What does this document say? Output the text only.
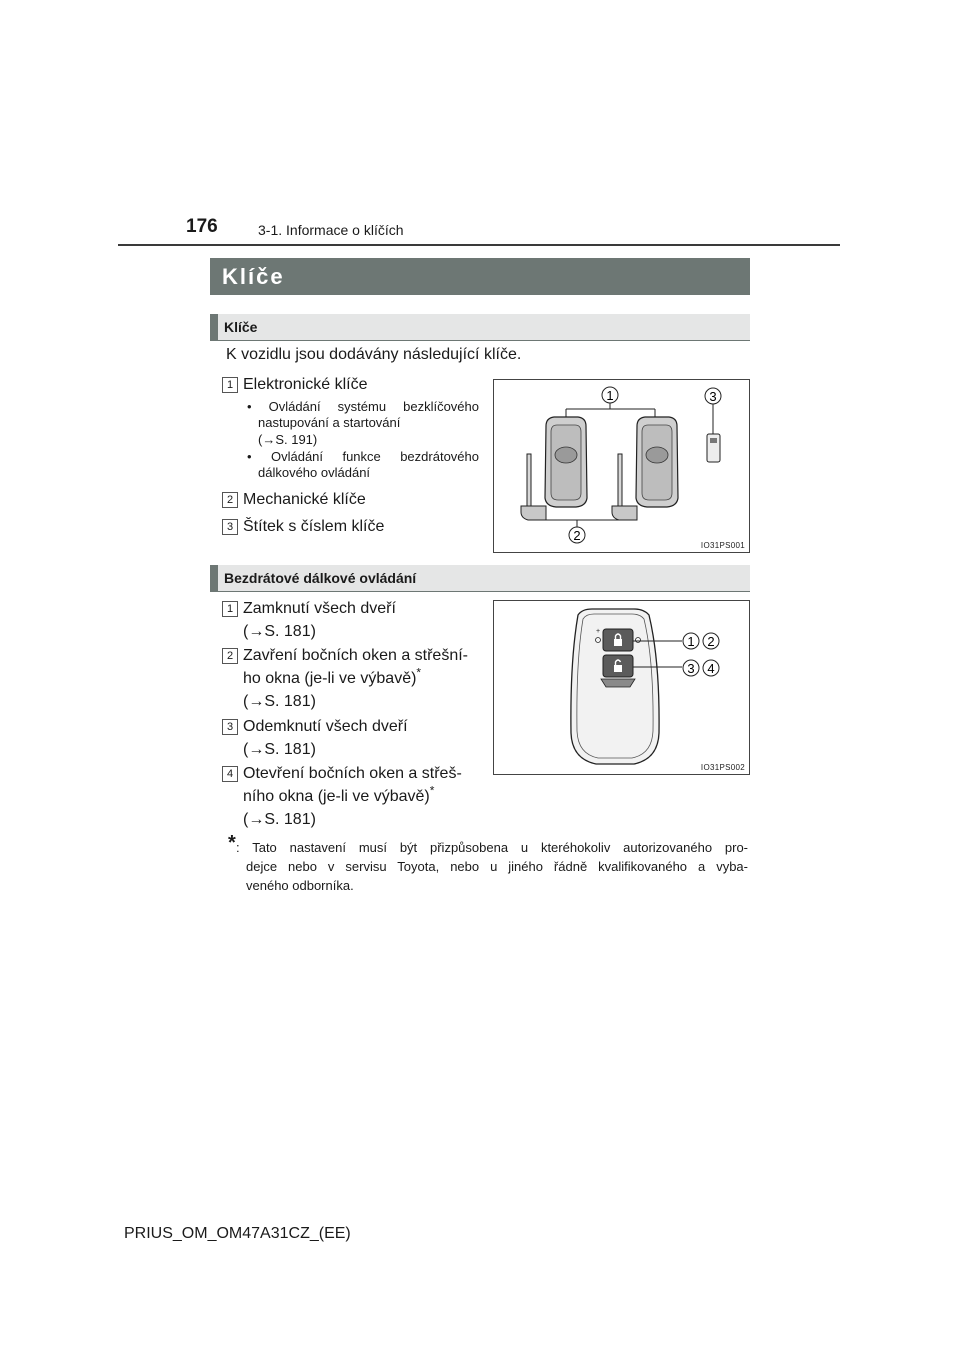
176	3-1. Informace o klíčích
Klíče
Klíče
K vozidlu jsou dodávány následující klíče.
1 Elektronické klíče
• Ovládání systému bezklíčového
nastupování a startování
(→S. 191)
• Ovládání funkce bezdrátového
dálkového ovládání
2 Mechanické klíče
3 Štítek s číslem klíče
1
2
3
IO31PS001
Bezdrátové dálkové ovládání
1 Zamknutí všech dveří
(→S. 181)
2 Zavření bočních oken a střešní-
ho okna (je-li ve výbavě)*
(→S. 181)
3 Odemknutí všech dveří
(→S. 181)
4 Otevření bočních oken a střeš-
ního okna (je-li ve výbavě)*
(→S. 181)
+
1 2
3 4
IO31PS002
* : Tato nastavení musí být přizpůsobena u kteréhokoliv autorizovaného pro-
dejce nebo v servisu Toyota, nebo u jiného řádně kvalifikovaného a vyba-
veného odborníka.
PRIUS_OM_OM47A31CZ_(EE)
